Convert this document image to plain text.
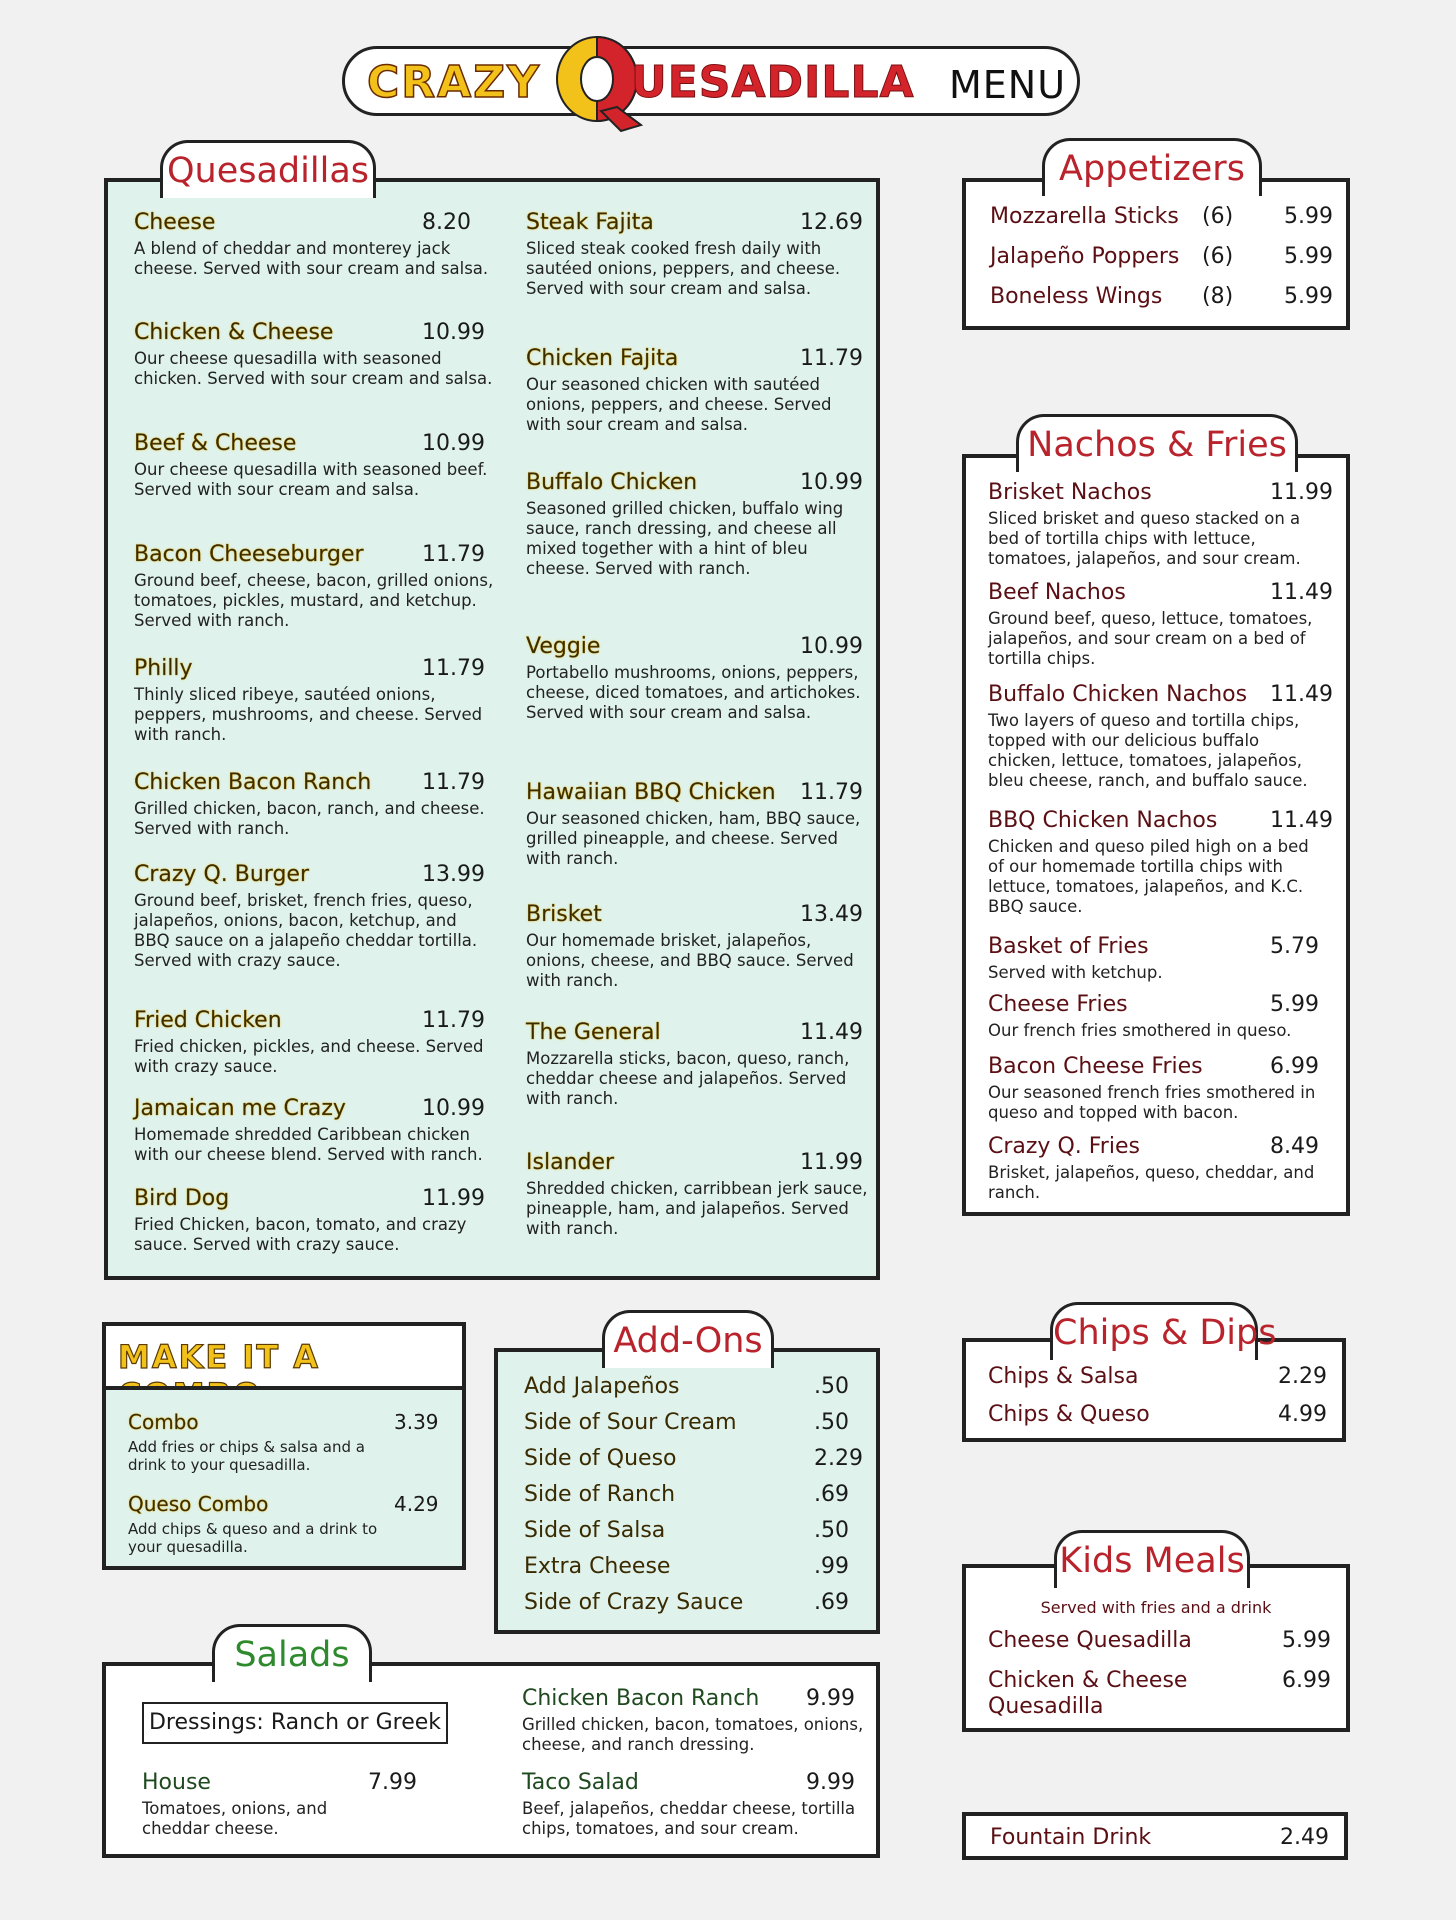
CRAZY UESADILLA MENU
Quesadillas
Cheese	8.20
A blend of cheddar and monterey jack cheese. Served with sour cream and salsa.
Chicken & Cheese	10.99
Our cheese quesadilla with seasoned chicken. Served with sour cream and salsa.
Beef & Cheese	10.99
Our cheese quesadilla with seasoned beef. Served with sour cream and salsa.
Bacon Cheeseburger	11.79
Ground beef, cheese, bacon, grilled onions, tomatoes, pickles, mustard, and ketchup. Served with ranch.
Philly	11.79
Thinly sliced ribeye, sautéed onions, peppers, mushrooms, and cheese. Served with ranch.
Chicken Bacon Ranch	11.79
Grilled chicken, bacon, ranch, and cheese. Served with ranch.
Crazy Q. Burger	13.99
Ground beef, brisket, french fries, queso, jalapeños, onions, bacon, ketchup, and BBQ sauce on a jalapeño cheddar tortilla. Served with crazy sauce.
Fried Chicken	11.79
Fried chicken, pickles, and cheese. Served with crazy sauce.
Jamaican me Crazy	10.99
Homemade shredded Caribbean chicken with our cheese blend. Served with ranch.
Bird Dog	11.99
Fried Chicken, bacon, tomato, and crazy sauce. Served with crazy sauce.
Steak Fajita	12.69
Sliced steak cooked fresh daily with sautéed onions, peppers, and cheese. Served with sour cream and salsa.
Chicken Fajita	11.79
Our seasoned chicken with sautéed onions, peppers, and cheese. Served with sour cream and salsa.
Buffalo Chicken	10.99
Seasoned grilled chicken, buffalo wing sauce, ranch dressing, and cheese all mixed together with a hint of bleu cheese. Served with ranch.
Veggie	10.99
Portabello mushrooms, onions, peppers, cheese, diced tomatoes, and artichokes. Served with sour cream and salsa.
Hawaiian BBQ Chicken	11.79
Our seasoned chicken, ham, BBQ sauce, grilled pineapple, and cheese. Served with ranch.
Brisket	13.49
Our homemade brisket, jalapeños, onions, cheese, and BBQ sauce. Served with ranch.
The General	11.49
Mozzarella sticks, bacon, queso, ranch, cheddar cheese and jalapeños. Served with ranch.
Islander	11.99
Shredded chicken, carribbean jerk sauce, pineapple, ham, and jalapeños. Served with ranch.
Appetizers
Mozzarella Sticks (6) 5.99
Jalapeño Poppers (6) 5.99
Boneless Wings (8) 5.99
Nachos & Fries
Brisket Nachos	11.99
Sliced brisket and queso stacked on a bed of tortilla chips with lettuce, tomatoes, jalapeños, and sour cream.
Beef Nachos	11.49
Ground beef, queso, lettuce, tomatoes, jalapeños, and sour cream on a bed of tortilla chips.
Buffalo Chicken Nachos	11.49
Two layers of queso and tortilla chips, topped with our delicious buffalo chicken, lettuce, tomatoes, jalapeños, bleu cheese, ranch, and buffalo sauce.
BBQ Chicken Nachos	11.49
Chicken and queso piled high on a bed of our homemade tortilla chips with lettuce, tomatoes, jalapeños, and K.C. BBQ sauce.
Basket of Fries	5.79
Served with ketchup.
Cheese Fries	5.99
Our french fries smothered in queso.
Bacon Cheese Fries	6.99
Our seasoned french fries smothered in queso and topped with bacon.
Crazy Q. Fries	8.49
Brisket, jalapeños, queso, cheddar, and ranch.
MAKE IT A
Combo	3.39
Add fries or chips & salsa and a drink to your quesadilla.
Queso Combo	4.29
Add chips & queso and a drink to your quesadilla.
Add-Ons
Add Jalapeños	.50
Side of Sour Cream	.50
Side of Queso	2.29
Side of Ranch	.69
Side of Salsa	.50
Extra Cheese	.99
Side of Crazy Sauce	.69
Chips & Dips
Chips & Salsa	2.29
Chips & Queso	4.99
Salads
Dressings: Ranch or Greek
House	7.99
Tomatoes, onions, and cheddar cheese.
Chicken Bacon Ranch	9.99
Grilled chicken, bacon, tomatoes, onions, cheese, and ranch dressing.
Taco Salad	9.99
Beef, jalapeños, cheddar cheese, tortilla chips, tomatoes, and sour cream.
Kids Meals
Served with fries and a drink
Cheese Quesadilla	5.99
Chicken & Cheese Quesadilla
6.99
Fountain Drink	2.49
